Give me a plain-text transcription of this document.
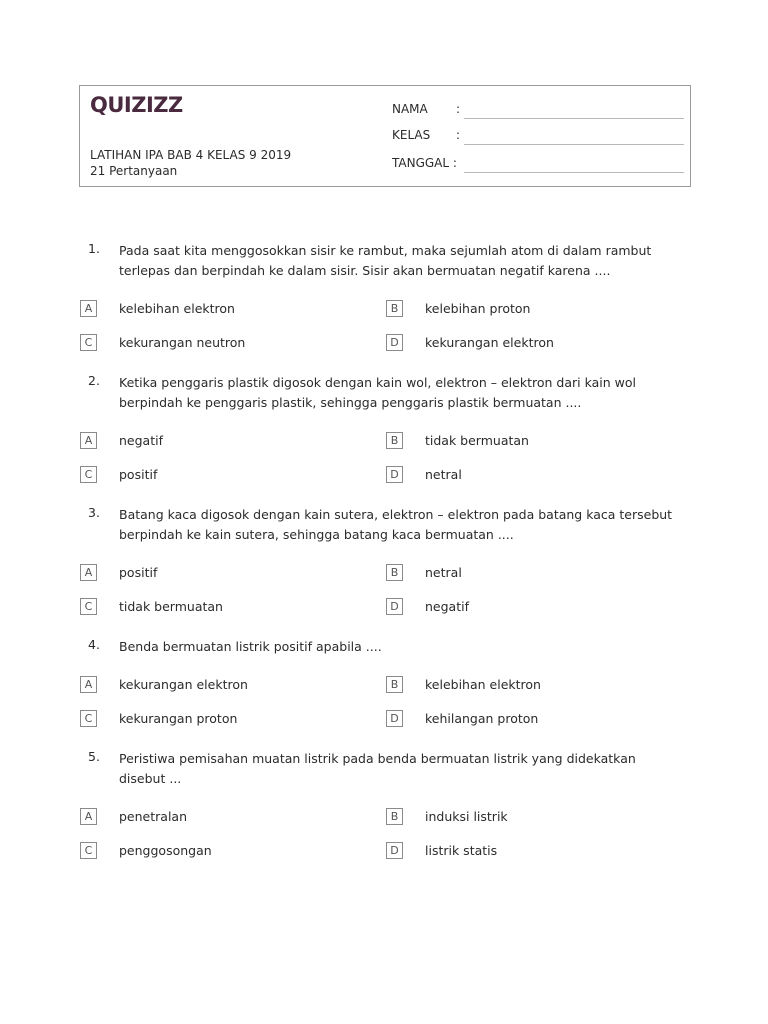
QUIZIZZ
LATIHAN IPA BAB 4 KELAS 9 2019
21 Pertanyaan
NAMA :
KELAS :
TANGGAL :
1. Pada saat kita menggosokkan sisir ke rambut, maka sejumlah atom di dalam rambut terlepas dan berpindah ke dalam sisir. Sisir akan bermuatan negatif karena ....
A	kelebihan elektron	B	kelebihan proton
C	kekurangan neutron	D	kekurangan elektron
2. Ketika penggaris plastik digosok dengan kain wol, elektron – elektron dari kain wol berpindah ke penggaris plastik, sehingga penggaris plastik bermuatan ....
A	negatif	B	tidak bermuatan
C	positif	D	netral
3. Batang kaca digosok dengan kain sutera, elektron – elektron pada batang kaca tersebut berpindah ke kain sutera, sehingga batang kaca bermuatan ....
A	positif	B	netral
C	tidak bermuatan	D	negatif
4. Benda bermuatan listrik positif apabila ....
A	kekurangan elektron	B	kelebihan elektron
C	kekurangan proton	D	kehilangan proton
5. Peristiwa pemisahan muatan listrik pada benda bermuatan listrik yang didekatkan disebut ...
A	penetralan	B	induksi listrik
C	penggosongan	D	listrik statis
